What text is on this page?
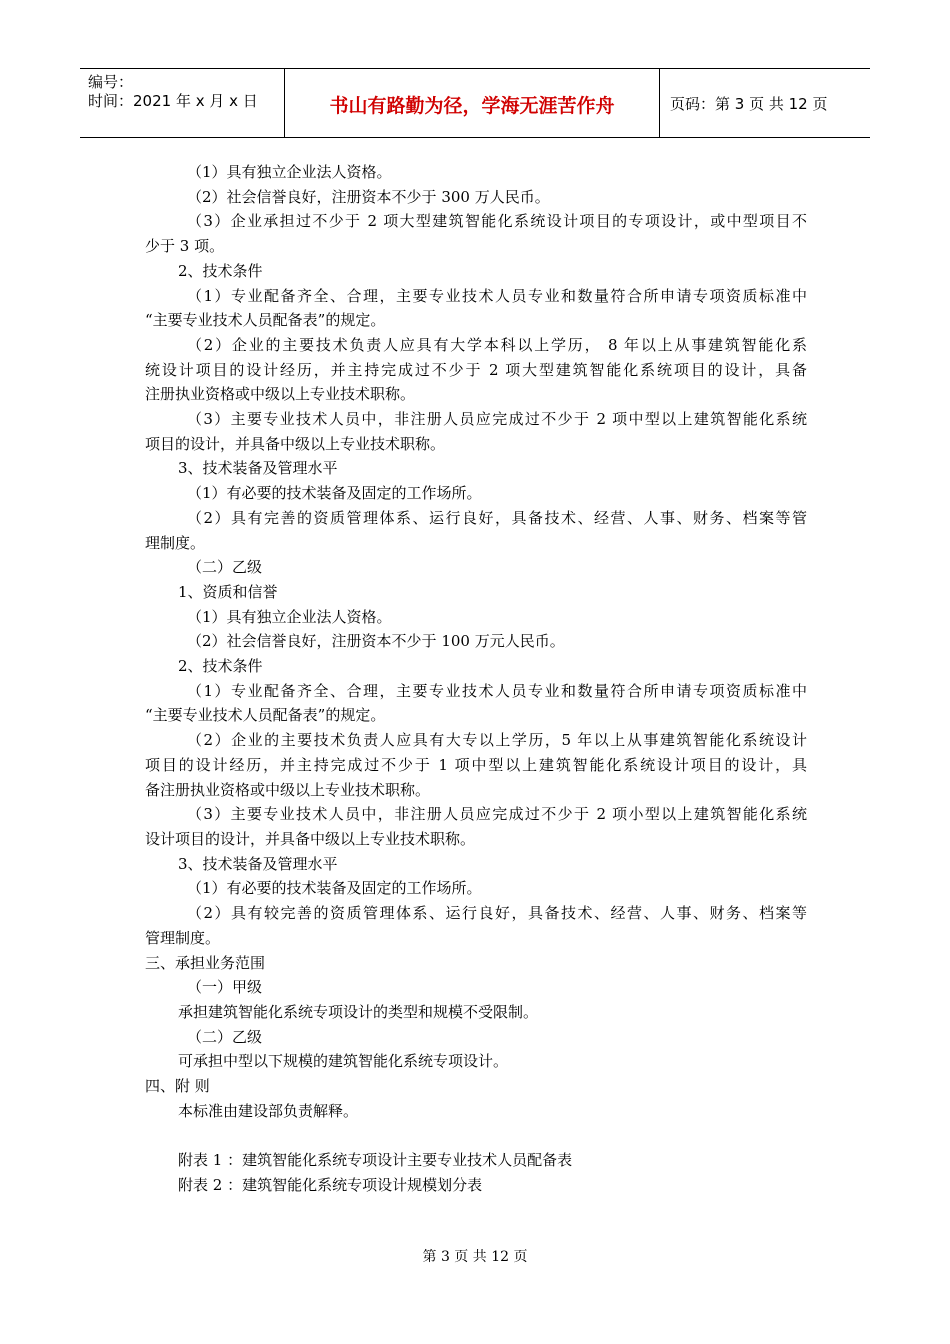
编号：
时间：2021 年 x 月 x 日	书山有路勤为径，学海无涯苦作舟	页码：第 3 页 共 12 页
（1）具有独立企业法人资格。
（2）社会信誉良好，注册资本不少于 300 万人民币。
（3）企业承担过不少于 2 项大型建筑智能化系统设计项目的专项设计，或中型项目不
少于 3 项。
2、技术条件
（1）专业配备齐全、合理，主要专业技术人员专业和数量符合所申请专项资质标准中
“主要专业技术人员配备表”的规定。
（2）企业的主要技术负责人应具有大学本科以上学历， 8 年以上从事建筑智能化系
统设计项目的设计经历，并主持完成过不少于 2 项大型建筑智能化系统项目的设计，具备
注册执业资格或中级以上专业技术职称。
（3）主要专业技术人员中，非注册人员应完成过不少于 2 项中型以上建筑智能化系统
项目的设计，并具备中级以上专业技术职称。
3、技术装备及管理水平
（1）有必要的技术装备及固定的工作场所。
（2）具有完善的资质管理体系、运行良好，具备技术、经营、人事、财务、档案等管
理制度。
（二）乙级
1、资质和信誉
（1）具有独立企业法人资格。
（2）社会信誉良好，注册资本不少于 100 万元人民币。
2、技术条件
（1）专业配备齐全、合理，主要专业技术人员专业和数量符合所申请专项资质标准中
“主要专业技术人员配备表”的规定。
（2）企业的主要技术负责人应具有大专以上学历，5 年以上从事建筑智能化系统设计
项目的设计经历，并主持完成过不少于 1 项中型以上建筑智能化系统设计项目的设计，具
备注册执业资格或中级以上专业技术职称。
（3）主要专业技术人员中，非注册人员应完成过不少于 2 项小型以上建筑智能化系统
设计项目的设计，并具备中级以上专业技术职称。
3、技术装备及管理水平
（1）有必要的技术装备及固定的工作场所。
（2）具有较完善的资质管理体系、运行良好，具备技术、经营、人事、财务、档案等
管理制度。
三、承担业务范围
（一）甲级
承担建筑智能化系统专项设计的类型和规模不受限制。
（二）乙级
可承担中型以下规模的建筑智能化系统专项设计。
四、附 则
本标准由建设部负责解释。
附表 1 ：建筑智能化系统专项设计主要专业技术人员配备表
附表 2 ：建筑智能化系统专项设计规模划分表
第 3 页 共 12 页
